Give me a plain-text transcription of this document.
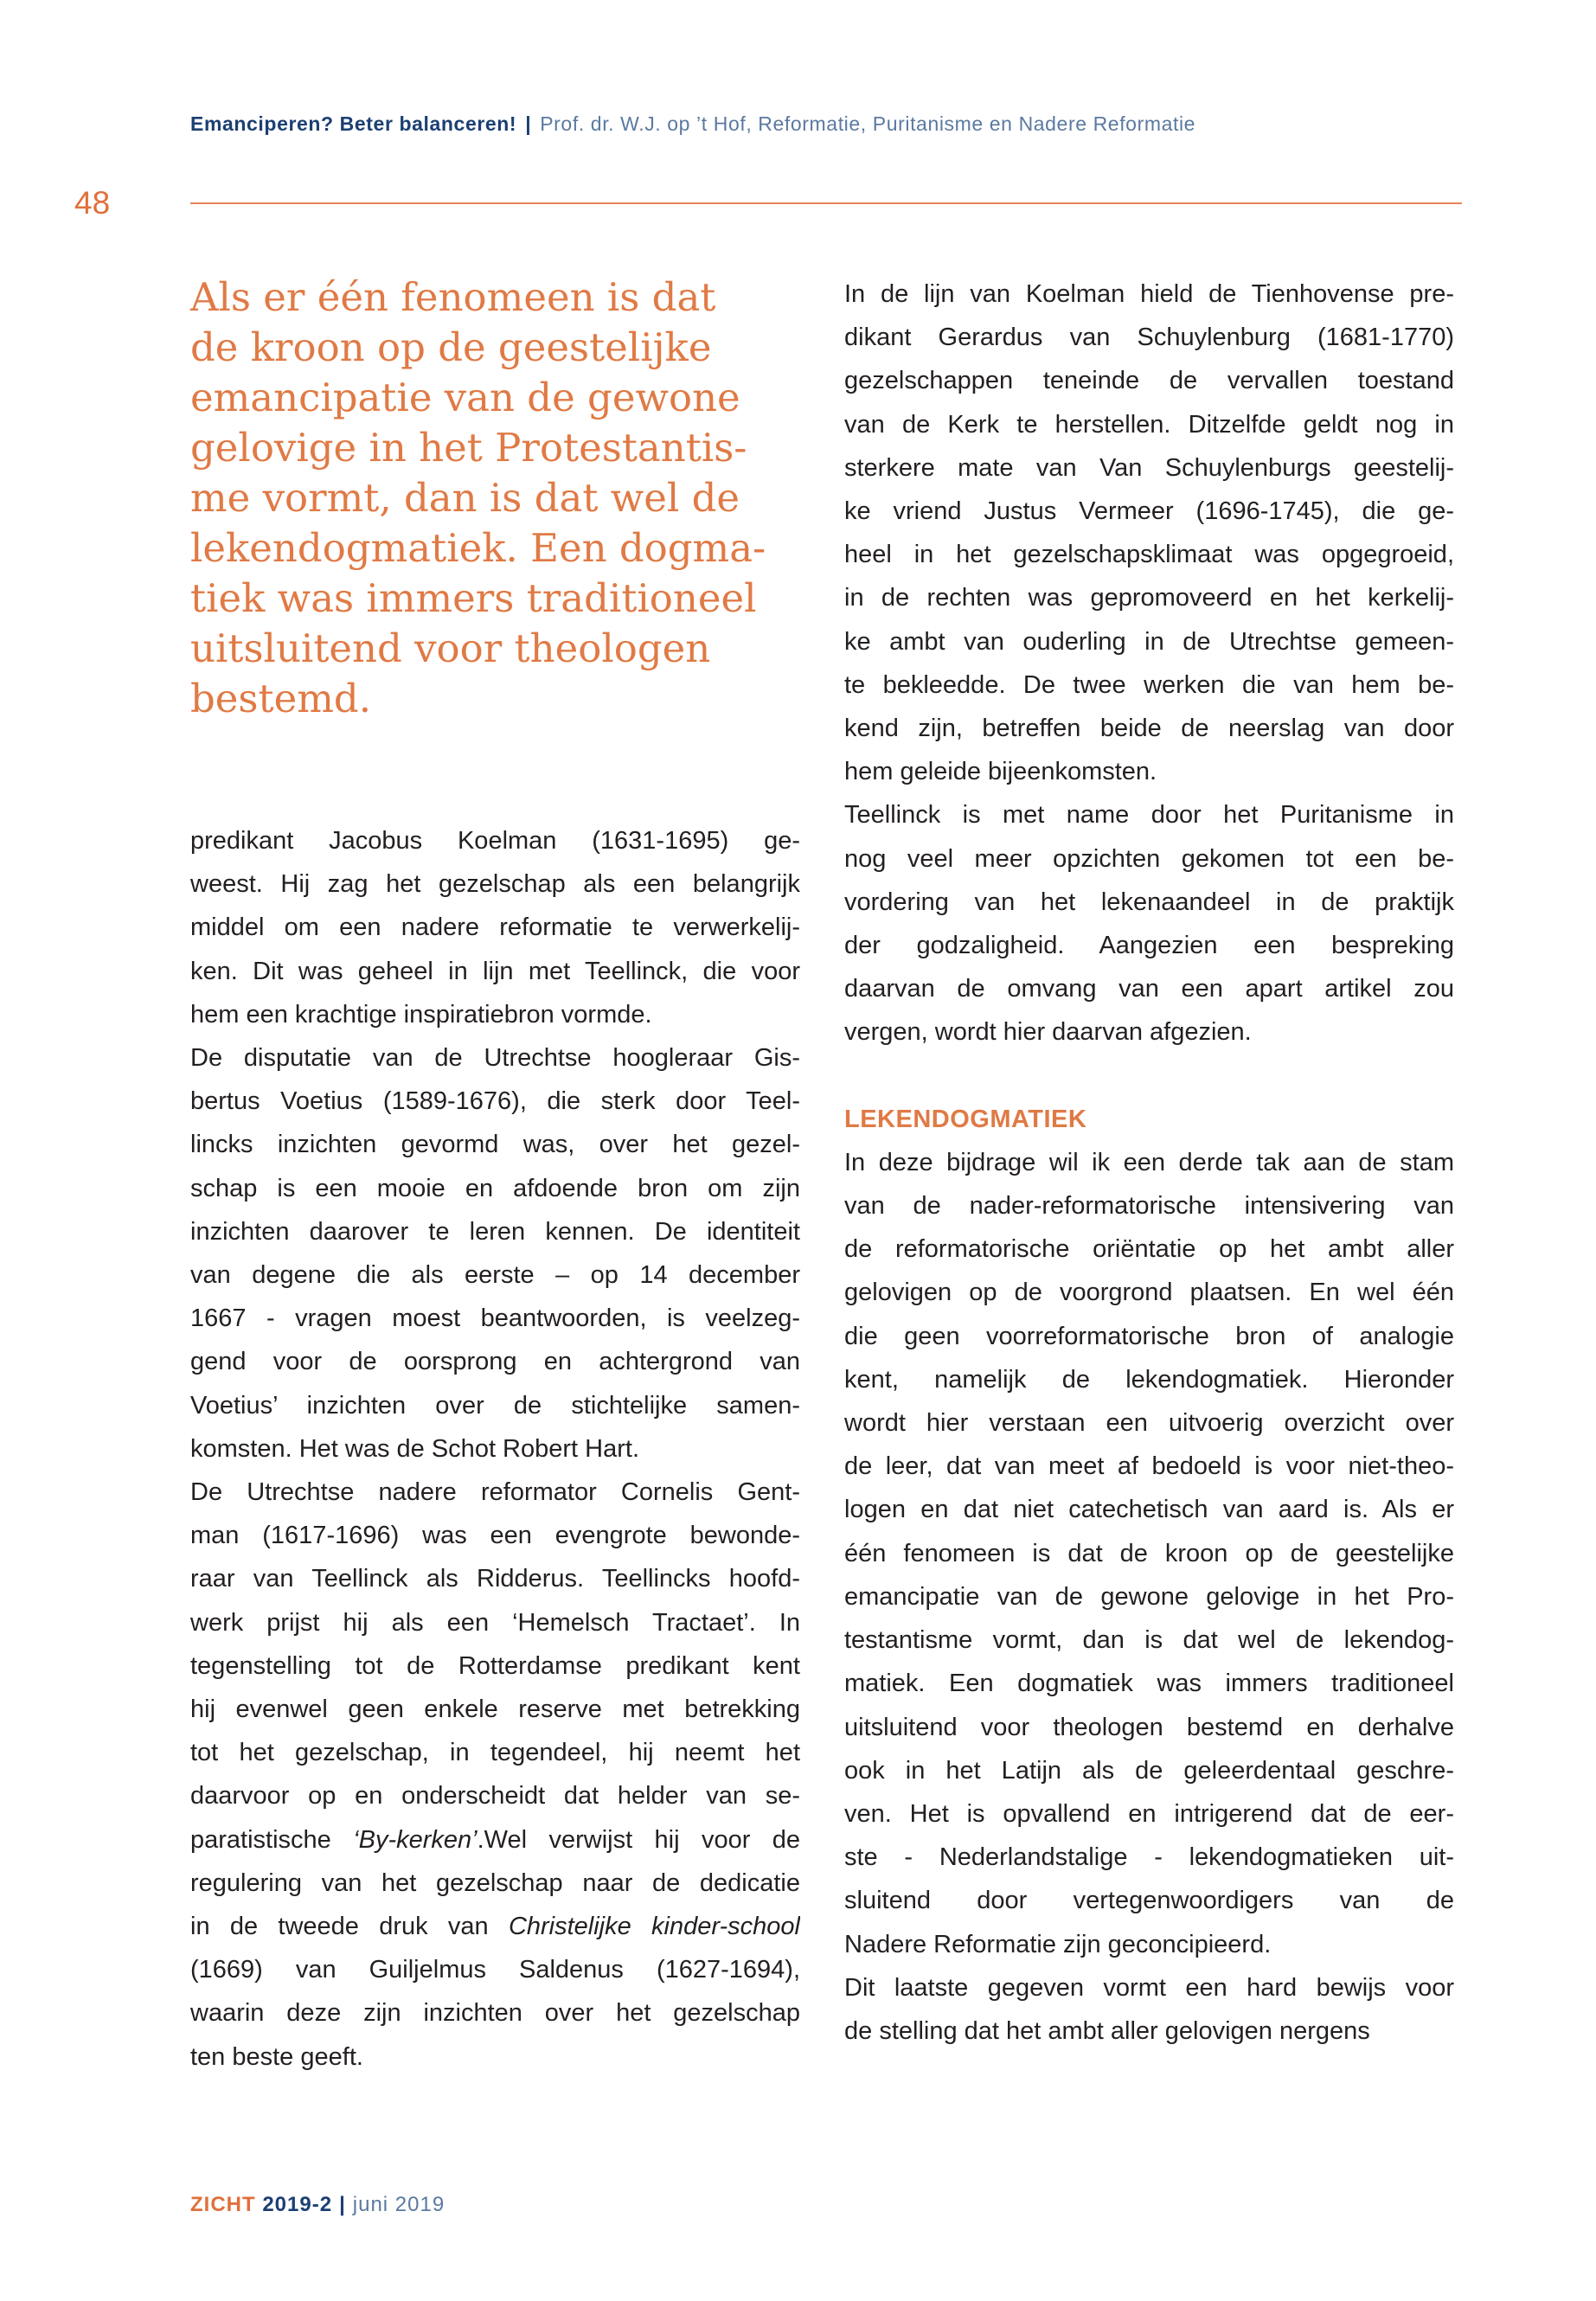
Emanciperen? Beter balanceren! | Prof. dr. W.J. op ’t Hof, Reformatie, Puritanisme en Nadere Reformatie
48
Als er één fenomeen is dat
de kroon op de geestelijke
emancipatie van de gewone
gelovige in het Protestantis-
me vormt, dan is dat wel de
lekendogmatiek. Een dogma-
tiek was immers traditioneel
uitsluitend voor theologen
bestemd.

predikant Jacobus Koelman (1631-1695) ge-
weest. Hij zag het gezelschap als een belangrijk
middel om een nadere reformatie te verwerkelij-
ken. Dit was geheel in lijn met Teellinck, die voor
hem een krachtige inspiratiebron vormde.

De disputatie van de Utrechtse hoogleraar Gis-
bertus Voetius (1589-1676), die sterk door Teel-
lincks inzichten gevormd was, over het gezel-
schap is een mooie en afdoende bron om zijn
inzichten daarover te leren kennen. De identiteit
van degene die als eerste – op 14 december
1667 - vragen moest beantwoorden, is veelzeg-
gend voor de oorsprong en achtergrond van
Voetius’ inzichten over de stichtelijke samen-
komsten. Het was de Schot Robert Hart.

De Utrechtse nadere reformator Cornelis Gent-
man (1617-1696) was een evengrote bewonde-
raar van Teellinck als Ridderus. Teellincks hoofd-
werk prijst hij als een ‘Hemelsch Tractaet’. In
tegenstelling tot de Rotterdamse predikant kent
hij evenwel geen enkele reserve met betrekking
tot het gezelschap, in tegendeel, hij neemt het
daarvoor op en onderscheidt dat helder van se-
paratistische ‘By-kerken’.Wel verwijst hij voor de
regulering van het gezelschap naar de dedicatie
in de tweede druk van Christelijke kinder-school
(1669) van Guiljelmus Saldenus (1627-1694),
waarin deze zijn inzichten over het gezelschap
ten beste geeft.

In de lijn van Koelman hield de Tienhovense pre-
dikant Gerardus van Schuylenburg (1681-1770)
gezelschappen teneinde de vervallen toestand
van de Kerk te herstellen. Ditzelfde geldt nog in
sterkere mate van Van Schuylenburgs geestelij-
ke vriend Justus Vermeer (1696-1745), die ge-
heel in het gezelschapsklimaat was opgegroeid,
in de rechten was gepromoveerd en het kerkelij-
ke ambt van ouderling in de Utrechtse gemeen-
te bekleedde. De twee werken die van hem be-
kend zijn, betreffen beide de neerslag van door
hem geleide bijeenkomsten.

Teellinck is met name door het Puritanisme in
nog veel meer opzichten gekomen tot een be-
vordering van het lekenaandeel in de praktijk
der godzaligheid. Aangezien een bespreking
daarvan de omvang van een apart artikel zou
vergen, wordt hier daarvan afgezien.

LEKENDOGMATIEK

In deze bijdrage wil ik een derde tak aan de stam
van de nader-reformatorische intensivering van
de reformatorische oriëntatie op het ambt aller
gelovigen op de voorgrond plaatsen. En wel één
die geen voorreformatorische bron of analogie
kent, namelijk de lekendogmatiek. Hieronder
wordt hier verstaan een uitvoerig overzicht over
de leer, dat van meet af bedoeld is voor niet-theo-
logen en dat niet catechetisch van aard is. Als er
één fenomeen is dat de kroon op de geestelijke
emancipatie van de gewone gelovige in het Pro-
testantisme vormt, dan is dat wel de lekendog-
matiek. Een dogmatiek was immers traditioneel
uitsluitend voor theologen bestemd en derhalve
ook in het Latijn als de geleerdentaal geschre-
ven. Het is opvallend en intrigerend dat de eer-
ste - Nederlandstalige - lekendogmatieken uit-
sluitend door vertegenwoordigers van de
Nadere Reformatie zijn geconcipieerd.

Dit laatste gegeven vormt een hard bewijs voor
de stelling dat het ambt aller gelovigen nergens

ZICHT 2019-2 | juni 2019
